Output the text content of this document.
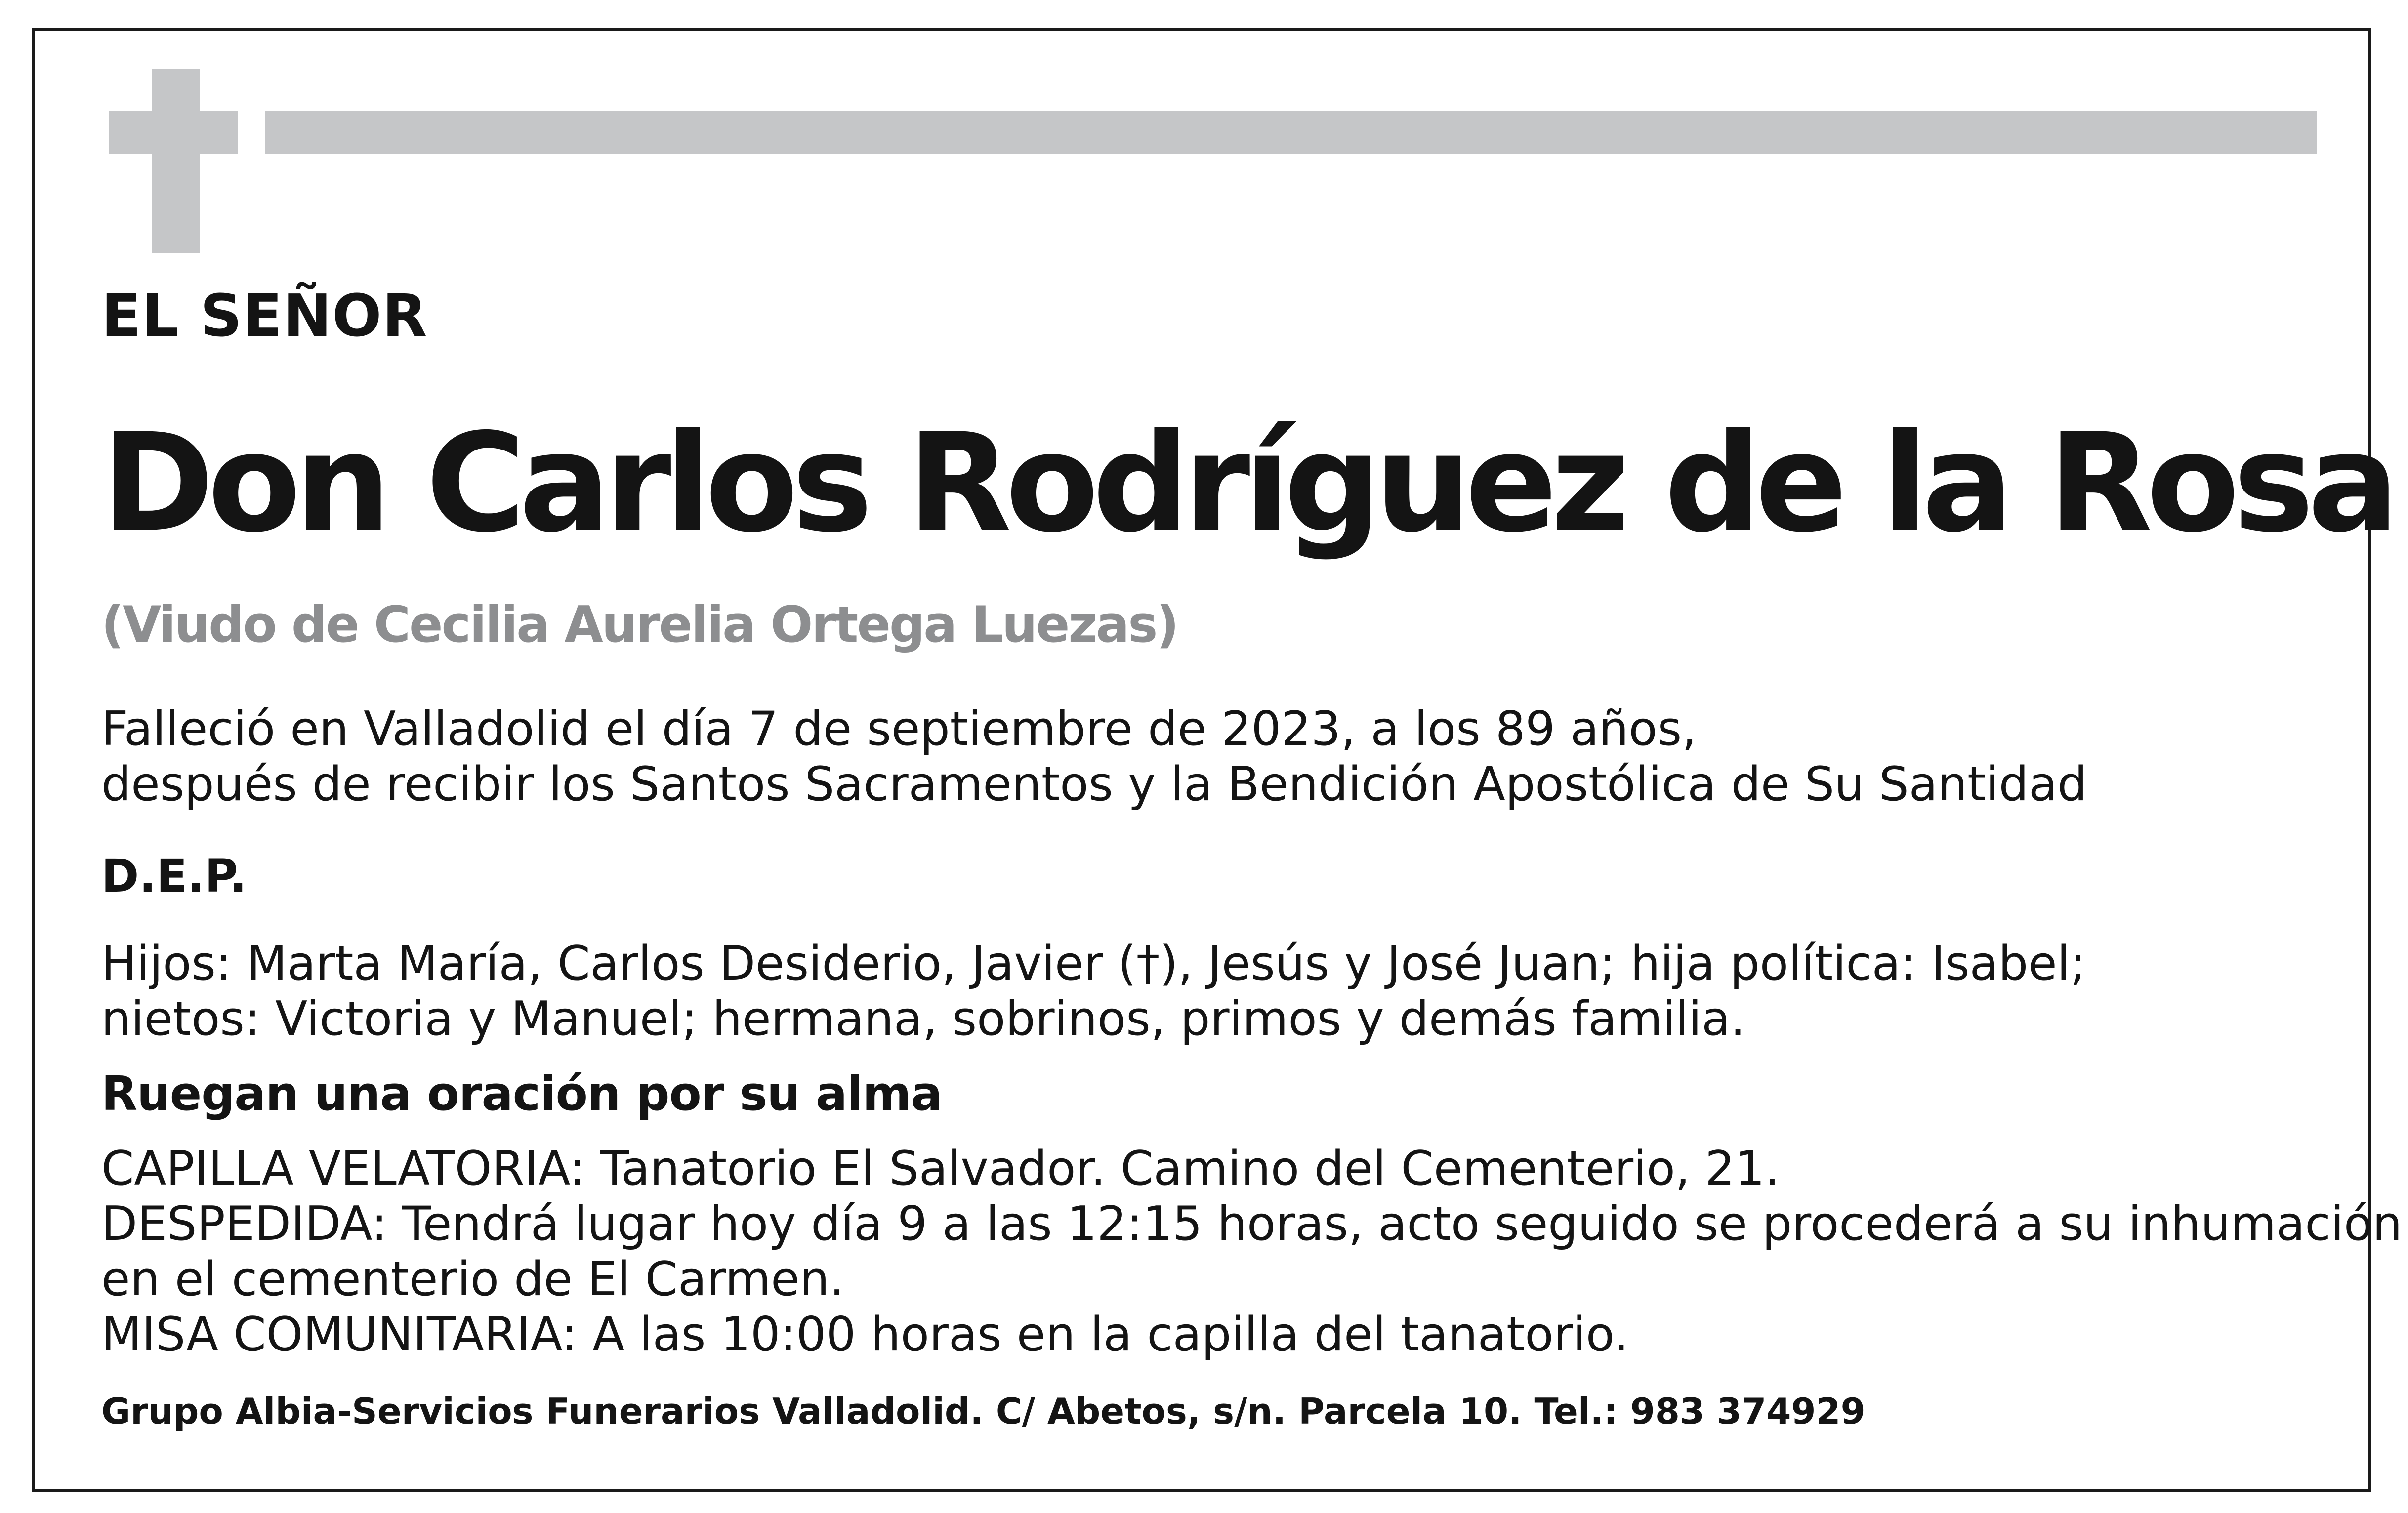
EL SEÑOR

Don Carlos Rodríguez de la Rosa

(Viudo de Cecilia Aurelia Ortega Luezas)

Falleció en Valladolid el día 7 de septiembre de 2023, a los 89 años,
después de recibir los Santos Sacramentos y la Bendición Apostólica de Su Santidad

D.E.P.

Hijos: Marta María, Carlos Desiderio, Javier (†), Jesús y José Juan; hija política: Isabel;
nietos: Victoria y Manuel; hermana, sobrinos, primos y demás familia.

Ruegan una oración por su alma

CAPILLA VELATORIA: Tanatorio El Salvador. Camino del Cementerio, 21.
DESPEDIDA: Tendrá lugar hoy día 9 a las 12:15 horas, acto seguido se procederá a su inhumación
en el cementerio de El Carmen.
MISA COMUNITARIA: A las 10:00 horas en la capilla del tanatorio.

Grupo Albia-Servicios Funerarios Valladolid. C/ Abetos, s/n. Parcela 10. Tel.: 983 374929
